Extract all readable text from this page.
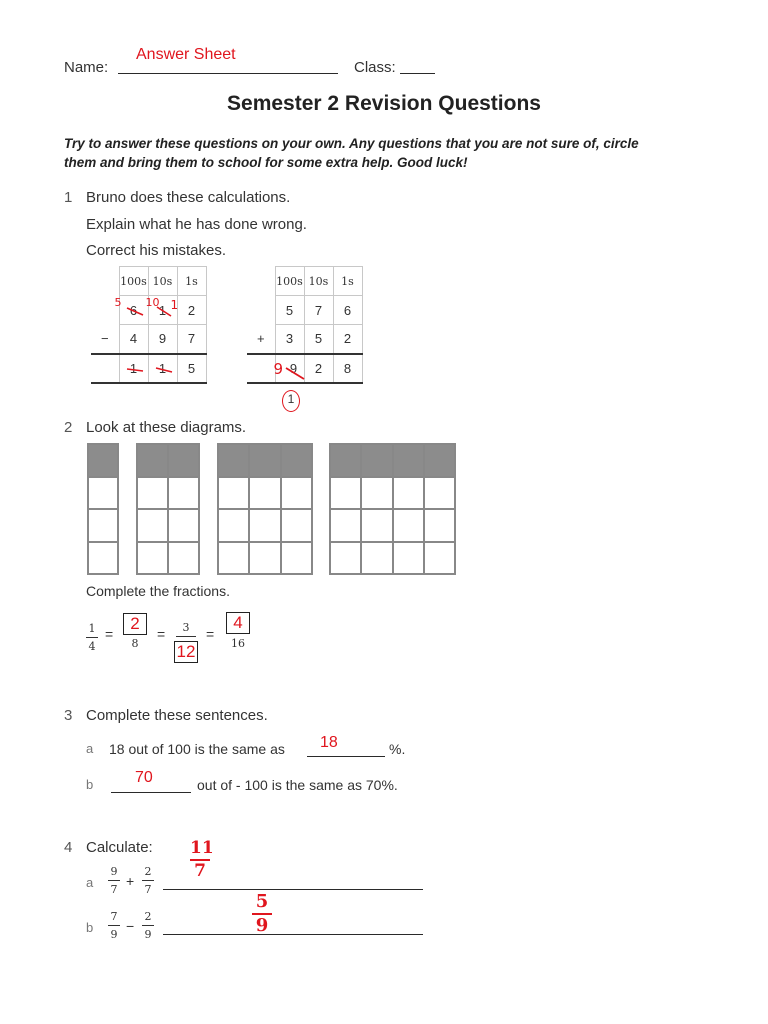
Name:
Answer Sheet
Class:
Semester 2 Revision Questions
Try to answer these questions on your own. Any questions that you are not sure of, circle them and bring them to school for some extra help. Good luck!
1 Bruno does these calculations.
Explain what he has done wrong.
Correct his mistakes.
	100s	10s	1s

	5 6	10 1 1	2
−	4	9	7
	1	1	5
	100s	10s	1s
	5	7	6
+	3	5	2

	9 9	2	8
1
2 Look at these diagrams.
Complete the fractions.
1
4
=
2
8
=	3
12
=
4
16
3 Complete these sentences.
a 18 out of 100 is the same as 18	%.
b	70	out of - 100 is the same as 70%.
4 Calculate:
a
9
7
+
2
7
11
7
b
7
9
−
2
9
5
9
